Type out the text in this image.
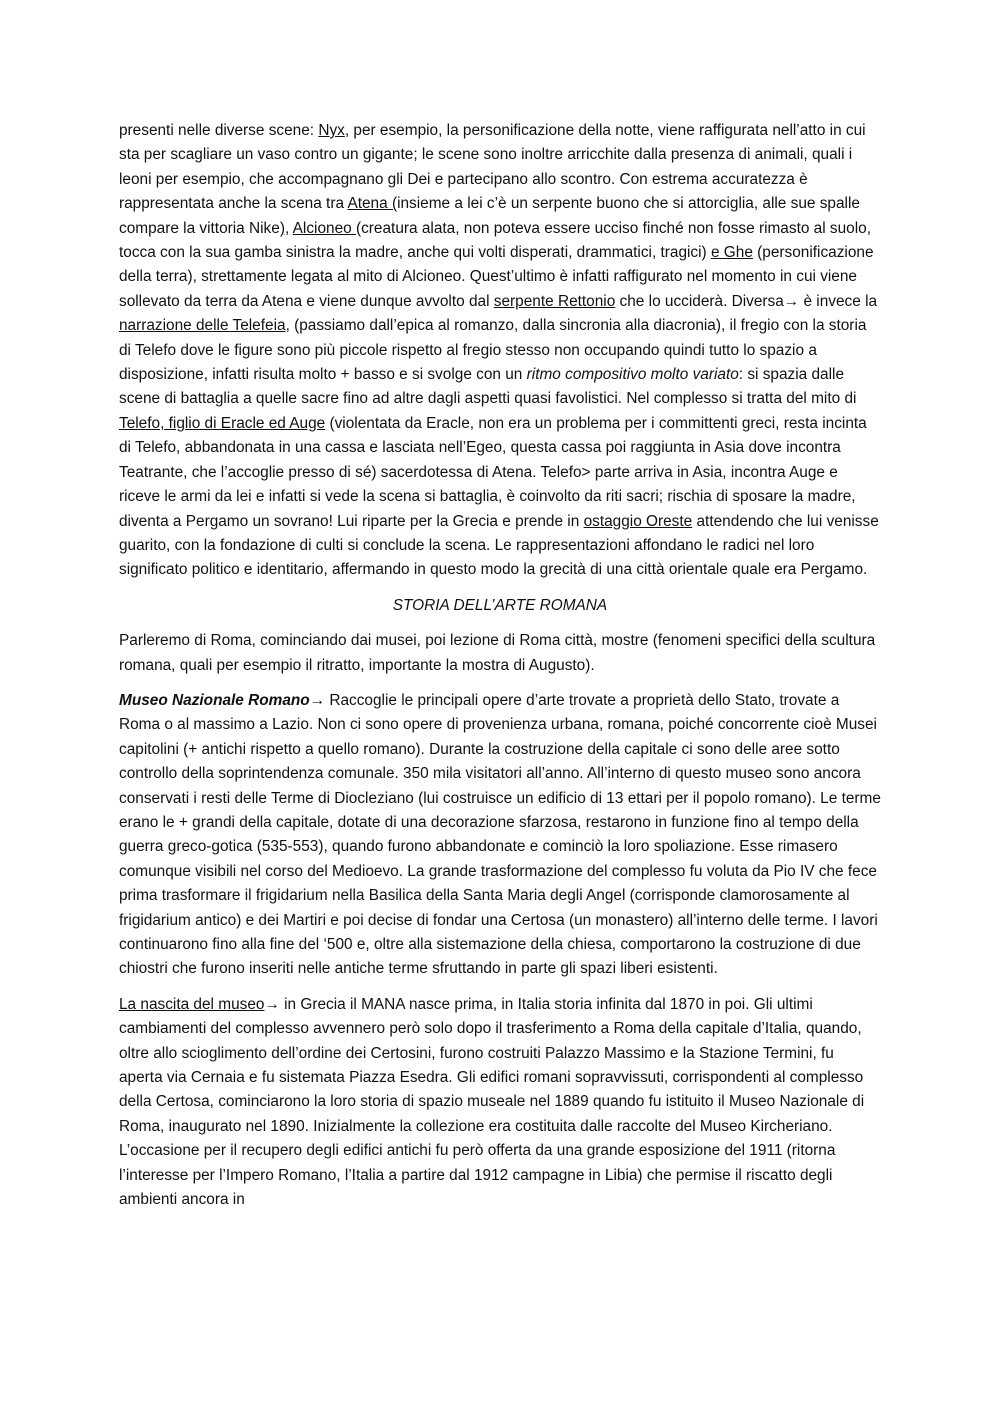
presenti nelle diverse scene: Nyx, per esempio, la personificazione della notte, viene raffigurata nell’atto in cui sta per scagliare un vaso contro un gigante; le scene sono inoltre arricchite dalla presenza di animali, quali i leoni per esempio, che accompagnano gli Dei e partecipano allo scontro. Con estrema accuratezza è rappresentata anche la scena tra Atena (insieme a lei c’è un serpente buono che si attorciglia, alle sue spalle compare la vittoria Nike), Alcioneo (creatura alata, non poteva essere ucciso finché non fosse rimasto al suolo, tocca con la sua gamba sinistra la madre, anche qui volti disperati, drammatici, tragici) e Ghe (personificazione della terra), strettamente legata al mito di Alcioneo. Quest’ultimo è infatti raffigurato nel momento in cui viene sollevato da terra da Atena e viene dunque avvolto dal serpente Rettonio che lo ucciderà. Diversa→ è invece la narrazione delle Telefeia, (passiamo dall’epica al romanzo, dalla sincronia alla diacronia), il fregio con la storia di Telefo dove le figure sono più piccole rispetto al fregio stesso non occupando quindi tutto lo spazio a disposizione, infatti risulta molto + basso e si svolge con un ritmo compositivo molto variato: si spazia dalle scene di battaglia a quelle sacre fino ad altre dagli aspetti quasi favolistici. Nel complesso si tratta del mito di Telefo, figlio di Eracle ed Auge (violentata da Eracle, non era un problema per i committenti greci, resta incinta di Telefo, abbandonata in una cassa e lasciata nell’Egeo, questa cassa poi raggiunta in Asia dove incontra Teatrante, che l’accoglie presso di sé) sacerdotessa di Atena. Telefo> parte arriva in Asia, incontra Auge e riceve le armi da lei e infatti si vede la scena si battaglia, è coinvolto da riti sacri; rischia di sposare la madre, diventa a Pergamo un sovrano! Lui riparte per la Grecia e prende in ostaggio Oreste attendendo che lui venisse guarito, con la fondazione di culti si conclude la scena. Le rappresentazioni affondano le radici nel loro significato politico e identitario, affermando in questo modo la grecità di una città orientale quale era Pergamo.

STORIA DELL’ARTE ROMANA

Parleremo di Roma, cominciando dai musei, poi lezione di Roma città, mostre (fenomeni specifici della scultura romana, quali per esempio il ritratto, importante la mostra di Augusto).

Museo Nazionale Romano→ Raccoglie le principali opere d’arte trovate a proprietà dello Stato, trovate a Roma o al massimo a Lazio. Non ci sono opere di provenienza urbana, romana, poiché concorrente cioè Musei capitolini (+ antichi rispetto a quello romano). Durante la costruzione della capitale ci sono delle aree sotto controllo della soprintendenza comunale. 350 mila visitatori all’anno. All’interno di questo museo sono ancora conservati i resti delle Terme di Diocleziano (lui costruisce un edificio di 13 ettari per il popolo romano). Le terme erano le + grandi della capitale, dotate di una decorazione sfarzosa, restarono in funzione fino al tempo della guerra greco-gotica (535-553), quando furono abbandonate e cominciò la loro spoliazione. Esse rimasero comunque visibili nel corso del Medioevo. La grande trasformazione del complesso fu voluta da Pio IV che fece prima trasformare il frigidarium nella Basilica della Santa Maria degli Angel (corrisponde clamorosamente al frigidarium antico) e dei Martiri e poi decise di fondar una Certosa (un monastero) all’interno delle terme. I lavori continuarono fino alla fine del ‘500 e, oltre alla sistemazione della chiesa, comportarono la costruzione di due chiostri che furono inseriti nelle antiche terme sfruttando in parte gli spazi liberi esistenti.

La nascita del museo→ in Grecia il MANA nasce prima, in Italia storia infinita dal 1870 in poi. Gli ultimi cambiamenti del complesso avvennero però solo dopo il trasferimento a Roma della capitale d’Italia, quando, oltre allo scioglimento dell’ordine dei Certosini, furono costruiti Palazzo Massimo e la Stazione Termini, fu aperta via Cernaia e fu sistemata Piazza Esedra. Gli edifici romani sopravvissuti, corrispondenti al complesso della Certosa, cominciarono la loro storia di spazio museale nel 1889 quando fu istituito il Museo Nazionale di Roma, inaugurato nel 1890. Inizialmente la collezione era costituita dalle raccolte del Museo Kircheriano. L’occasione per il recupero degli edifici antichi fu però offerta da una grande esposizione del 1911 (ritorna l’interesse per l’Impero Romano, l’Italia a partire dal 1912 campagne in Libia) che permise il riscatto degli ambienti ancora in
